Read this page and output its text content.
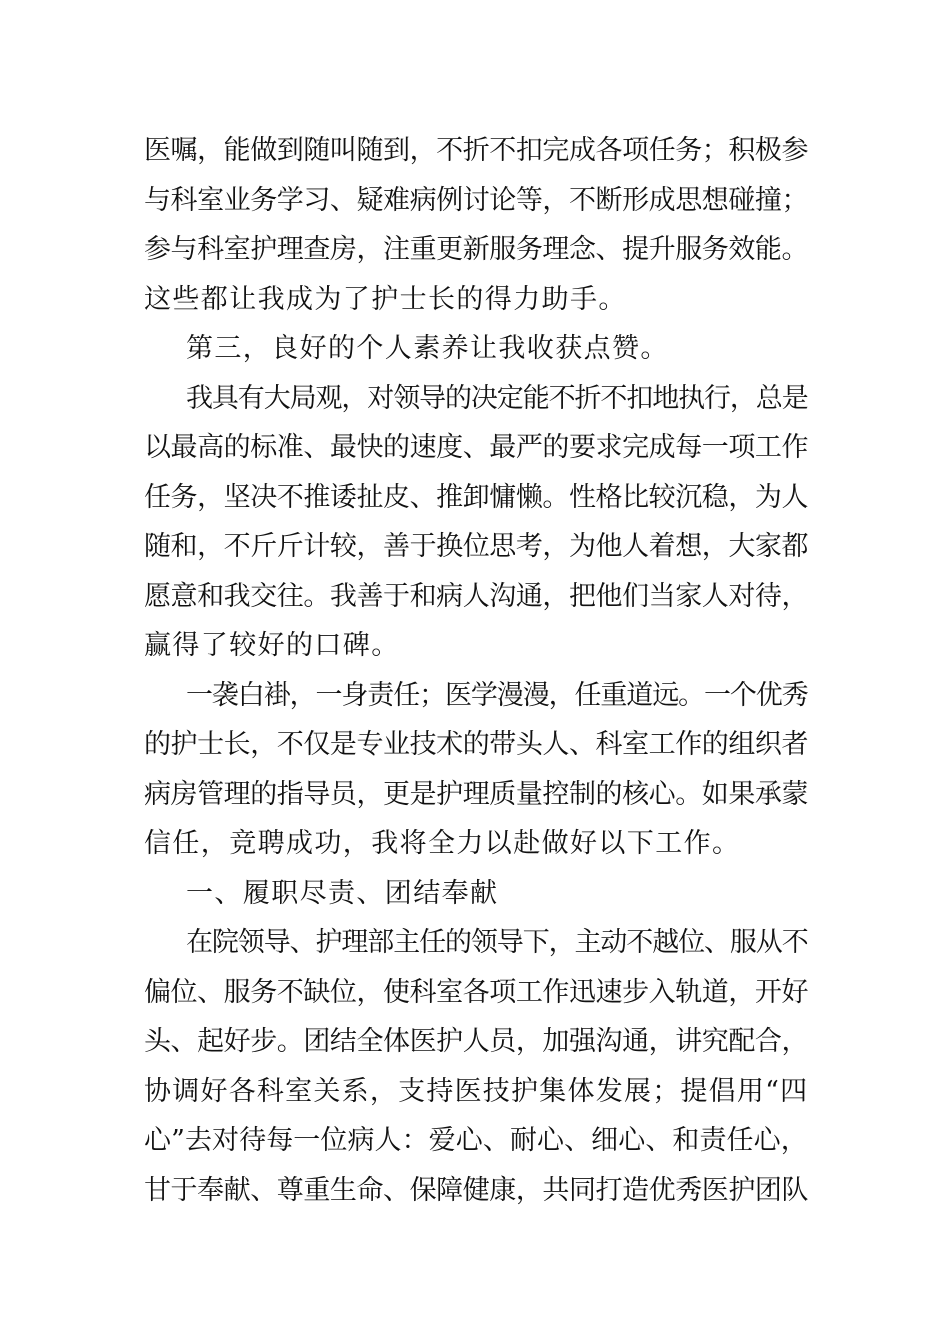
医嘱，能做到随叫随到，不折不扣完成各项任务；积极参
与科室业务学习、疑难病例讨论等，不断形成思想碰撞；
参与科室护理查房，注重更新服务理念、提升服务效能。
这些都让我成为了护士长的得力助手。
第三，良好的个人素养让我收获点赞。
我具有大局观，对领导的决定能不折不扣地执行，总是
以最高的标准、最快的速度、最严的要求完成每一项工作
任务，坚决不推诿扯皮、推卸慵懒。性格比较沉稳，为人
随和，不斤斤计较，善于换位思考，为他人着想，大家都
愿意和我交往。我善于和病人沟通，把他们当家人对待，
赢得了较好的口碑。
一袭白褂，一身责任；医学漫漫，任重道远。一个优秀
的护士长，不仅是专业技术的带头人、科室工作的组织者
病房管理的指导员，更是护理质量控制的核心。如果承蒙
信任，竞聘成功，我将全力以赴做好以下工作。
一、履职尽责、团结奉献
在院领导、护理部主任的领导下，主动不越位、服从不
偏位、服务不缺位，使科室各项工作迅速步入轨道，开好
头、起好步。团结全体医护人员，加强沟通，讲究配合，
协调好各科室关系，支持医技护集体发展；提倡用“四
心”去对待每一位病人：爱心、耐心、细心、和责任心，
甘于奉献、尊重生命、保障健康，共同打造优秀医护团队
